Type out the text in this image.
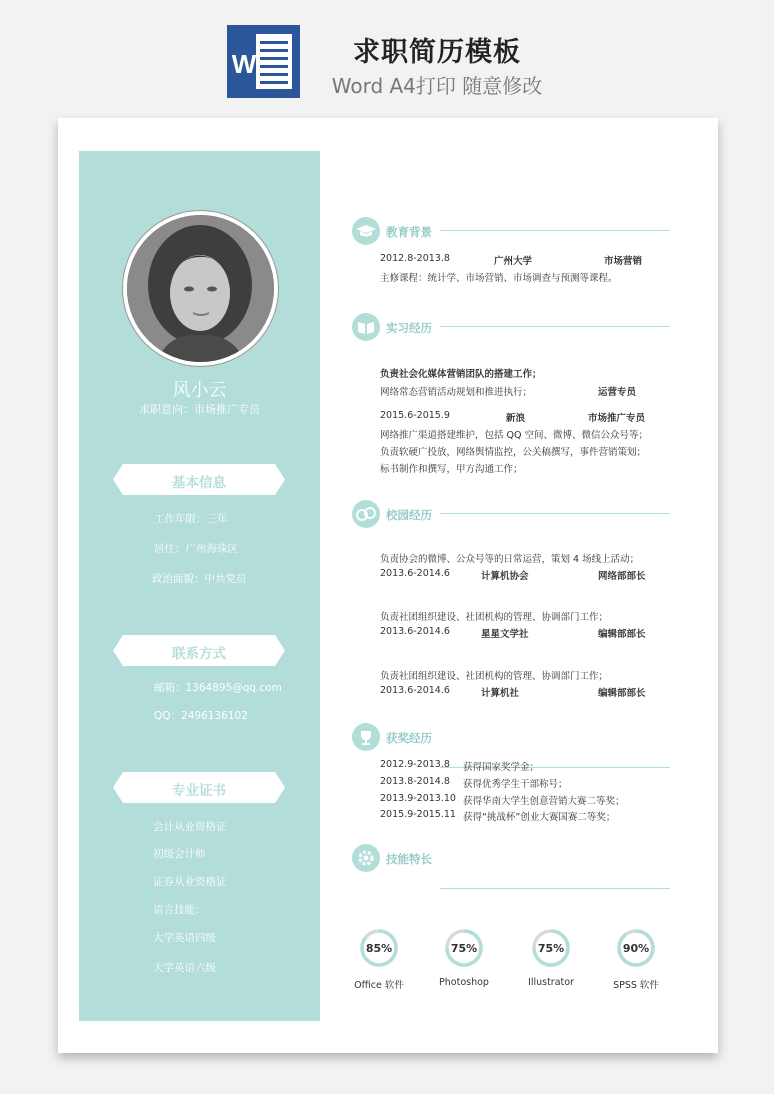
W	求职简历模板
Word A4打印 随意修改
风小云
求职意向：市场推广专员
基本信息
工作年限：三年
居住：广州海珠区
政治面貌：中共党员
联系方式
邮箱：1364895@qq.com
QQ：2496136102
专业证书
会计从业资格证
初级会计师
证券从业资格证
语言技能：
大学英语四级
大学英语六级
教育背景
2012.8-2013.8	广州大学	市场营销
主修课程：统计学、市场营销、市场调查与预测等课程。
实习经历
负责社会化媒体营销团队的搭建工作；
网络常态营销活动规划和推进执行；	运营专员
2015.6-2015.9	新浪	市场推广专员
网络推广渠道搭建维护，包括 QQ 空间、微博、微信公众号等；
负责软硬广投放，网络舆情监控，公关稿撰写，事件营销策划；
标书制作和撰写，甲方沟通工作；
校园经历
负责协会的微博、公众号等的日常运营，策划 4 场线上活动；
2013.6-2014.6	计算机协会	网络部部长
负责社团组织建设、社团机构的管理、协调部门工作；
2013.6-2014.6	星星文学社	编辑部部长
负责社团组织建设、社团机构的管理、协调部门工作；
2013.6-2014.6	计算机社	编辑部部长
获奖经历
2012.9-2013.8 获得国家奖学金；
2013.8-2014.8 获得优秀学生干部称号；
2013.9-2013.10 获得华南大学生创意营销大赛二等奖；
2015.9-2015.11 获得“挑战杯”创业大赛国赛二等奖；
技能特长
85%
Office 软件
75%
Photoshop
75%
Illustrator
90%
SPSS 软件
